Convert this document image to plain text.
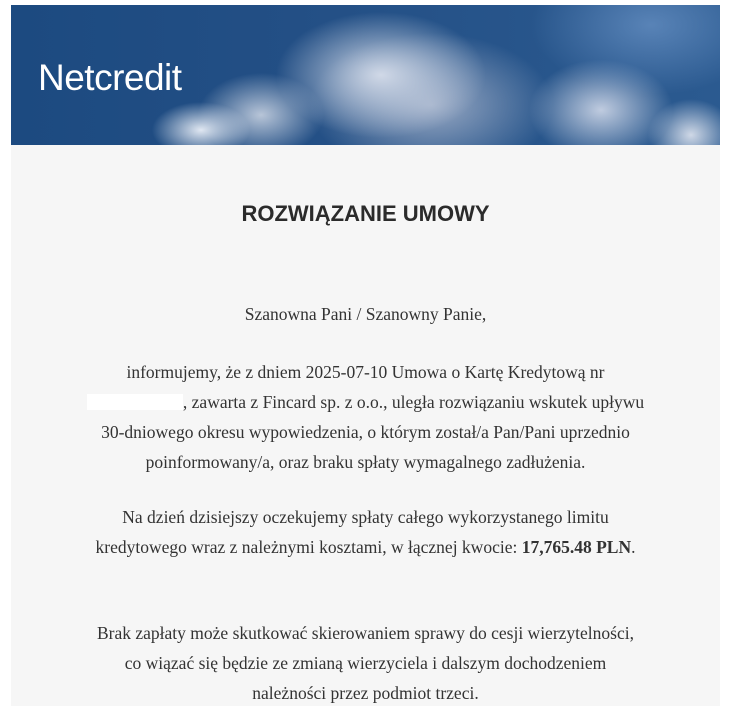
Netcredit
ROZWIĄZANIE UMOWY
Szanowna Pani / Szanowny Panie,
informujemy, że z dniem 2025-07-10 Umowa o Kartę Kredytową nr , zawarta z Fincard sp. z o.o., uległa rozwiązaniu wskutek upływu 30-dniowego okresu wypowiedzenia, o którym został/a Pan/Pani uprzednio poinformowany/a, oraz braku spłaty wymagalnego zadłużenia.
Na dzień dzisiejszy oczekujemy spłaty całego wykorzystanego limitu kredytowego wraz z należnymi kosztami, w łącznej kwocie: 17,765.48 PLN.
Brak zapłaty może skutkować skierowaniem sprawy do cesji wierzytelności, co wiązać się będzie ze zmianą wierzyciela i dalszym dochodzeniem należności przez podmiot trzeci.
